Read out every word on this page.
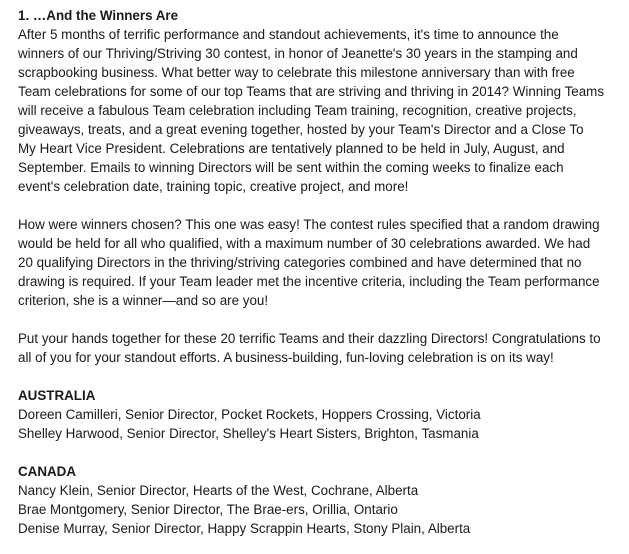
1. …And the Winners Are

After 5 months of terrific performance and standout achievements, it's time to announce the winners of our Thriving/Striving 30 contest, in honor of Jeanette's 30 years in the stamping and scrapbooking business. What better way to celebrate this milestone anniversary than with free Team celebrations for some of our top Teams that are striving and thriving in 2014? Winning Teams will receive a fabulous Team celebration including Team training, recognition, creative projects, giveaways, treats, and a great evening together, hosted by your Team's Director and a Close To My Heart Vice President. Celebrations are tentatively planned to be held in July, August, and September. Emails to winning Directors will be sent within the coming weeks to finalize each event's celebration date, training topic, creative project, and more!

How were winners chosen? This one was easy! The contest rules specified that a random drawing would be held for all who qualified, with a maximum number of 30 celebrations awarded. We had 20 qualifying Directors in the thriving/striving categories combined and have determined that no drawing is required. If your Team leader met the incentive criteria, including the Team performance criterion, she is a winner—and so are you!

Put your hands together for these 20 terrific Teams and their dazzling Directors! Congratulations to all of you for your standout efforts. A business-building, fun-loving celebration is on its way!

AUSTRALIA
Doreen Camilleri, Senior Director, Pocket Rockets, Hoppers Crossing, Victoria
Shelley Harwood, Senior Director, Shelley's Heart Sisters, Brighton, Tasmania
CANADA
Nancy Klein, Senior Director, Hearts of the West, Cochrane, Alberta
Brae Montgomery, Senior Director, The Brae-ers, Orillia, Ontario
Denise Murray, Senior Director, Happy Scrappin Hearts, Stony Plain, Alberta
